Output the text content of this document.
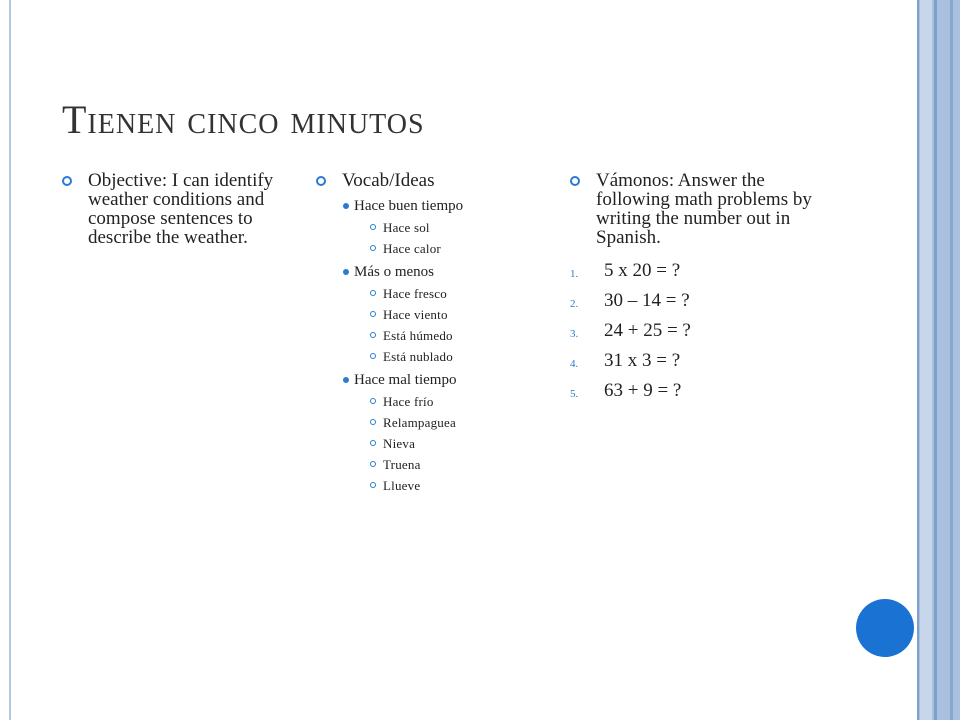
Tienen cinco minutos
Objective: I can identify weather conditions and compose sentences to describe the weather.
Vocab/Ideas
Hace buen tiempo
Hace sol
Hace calor
Más o menos
Hace fresco
Hace viento
Está húmedo
Está nublado
Hace mal tiempo
Hace frío
Relampaguea
Nieva
Truena
Llueve
Vámonos: Answer the following math problems by writing the number out in Spanish.
1. 5 x 20 = ?
2. 30 – 14 = ?
3. 24 + 25 = ?
4. 31 x 3 = ?
5. 63 + 9 = ?
